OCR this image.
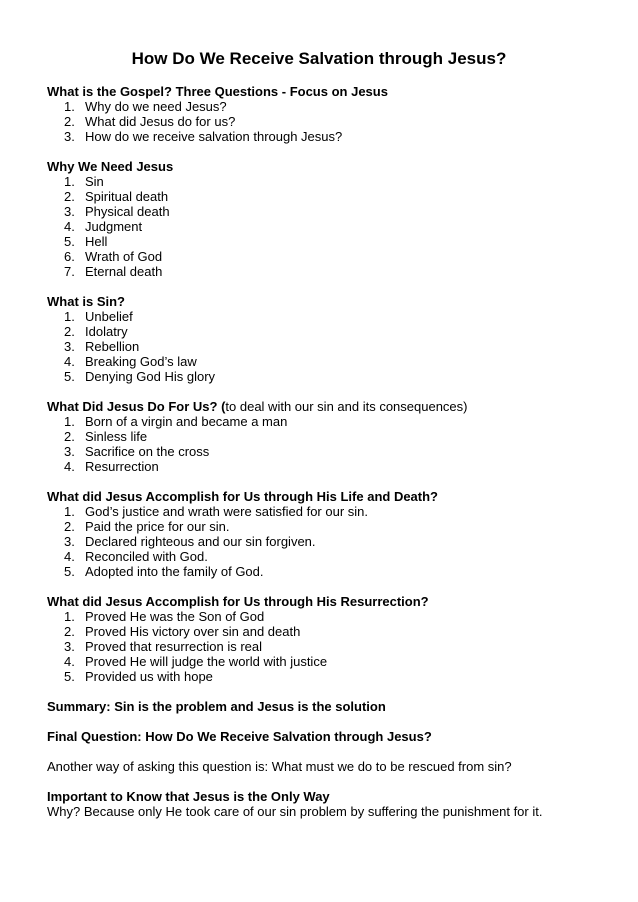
How Do We Receive Salvation through Jesus?

What is the Gospel? Three Questions - Focus on Jesus

1. Why do we need Jesus?
2. What did Jesus do for us?
3. How do we receive salvation through Jesus?

Why We Need Jesus

1. Sin
2. Spiritual death
3. Physical death
4. Judgment
5. Hell
6. Wrath of God
7. Eternal death

What is Sin?

1. Unbelief
2. Idolatry
3. Rebellion
4. Breaking God’s law
5. Denying God His glory

What Did Jesus Do For Us? (to deal with our sin and its consequences)

1. Born of a virgin and became a man
2. Sinless life
3. Sacrifice on the cross
4. Resurrection

What did Jesus Accomplish for Us through His Life and Death?

1. God’s justice and wrath were satisfied for our sin.
2. Paid the price for our sin.
3. Declared righteous and our sin forgiven.
4. Reconciled with God.
5. Adopted into the family of God.

What did Jesus Accomplish for Us through His Resurrection?

1. Proved He was the Son of God
2. Proved His victory over sin and death
3. Proved that resurrection is real
4. Proved He will judge the world with justice
5. Provided us with hope

Summary: Sin is the problem and Jesus is the solution

Final Question: How Do We Receive Salvation through Jesus?

Another way of asking this question is: What must we do to be rescued from sin?

Important to Know that Jesus is the Only Way

Why? Because only He took care of our sin problem by suffering the punishment for it.
